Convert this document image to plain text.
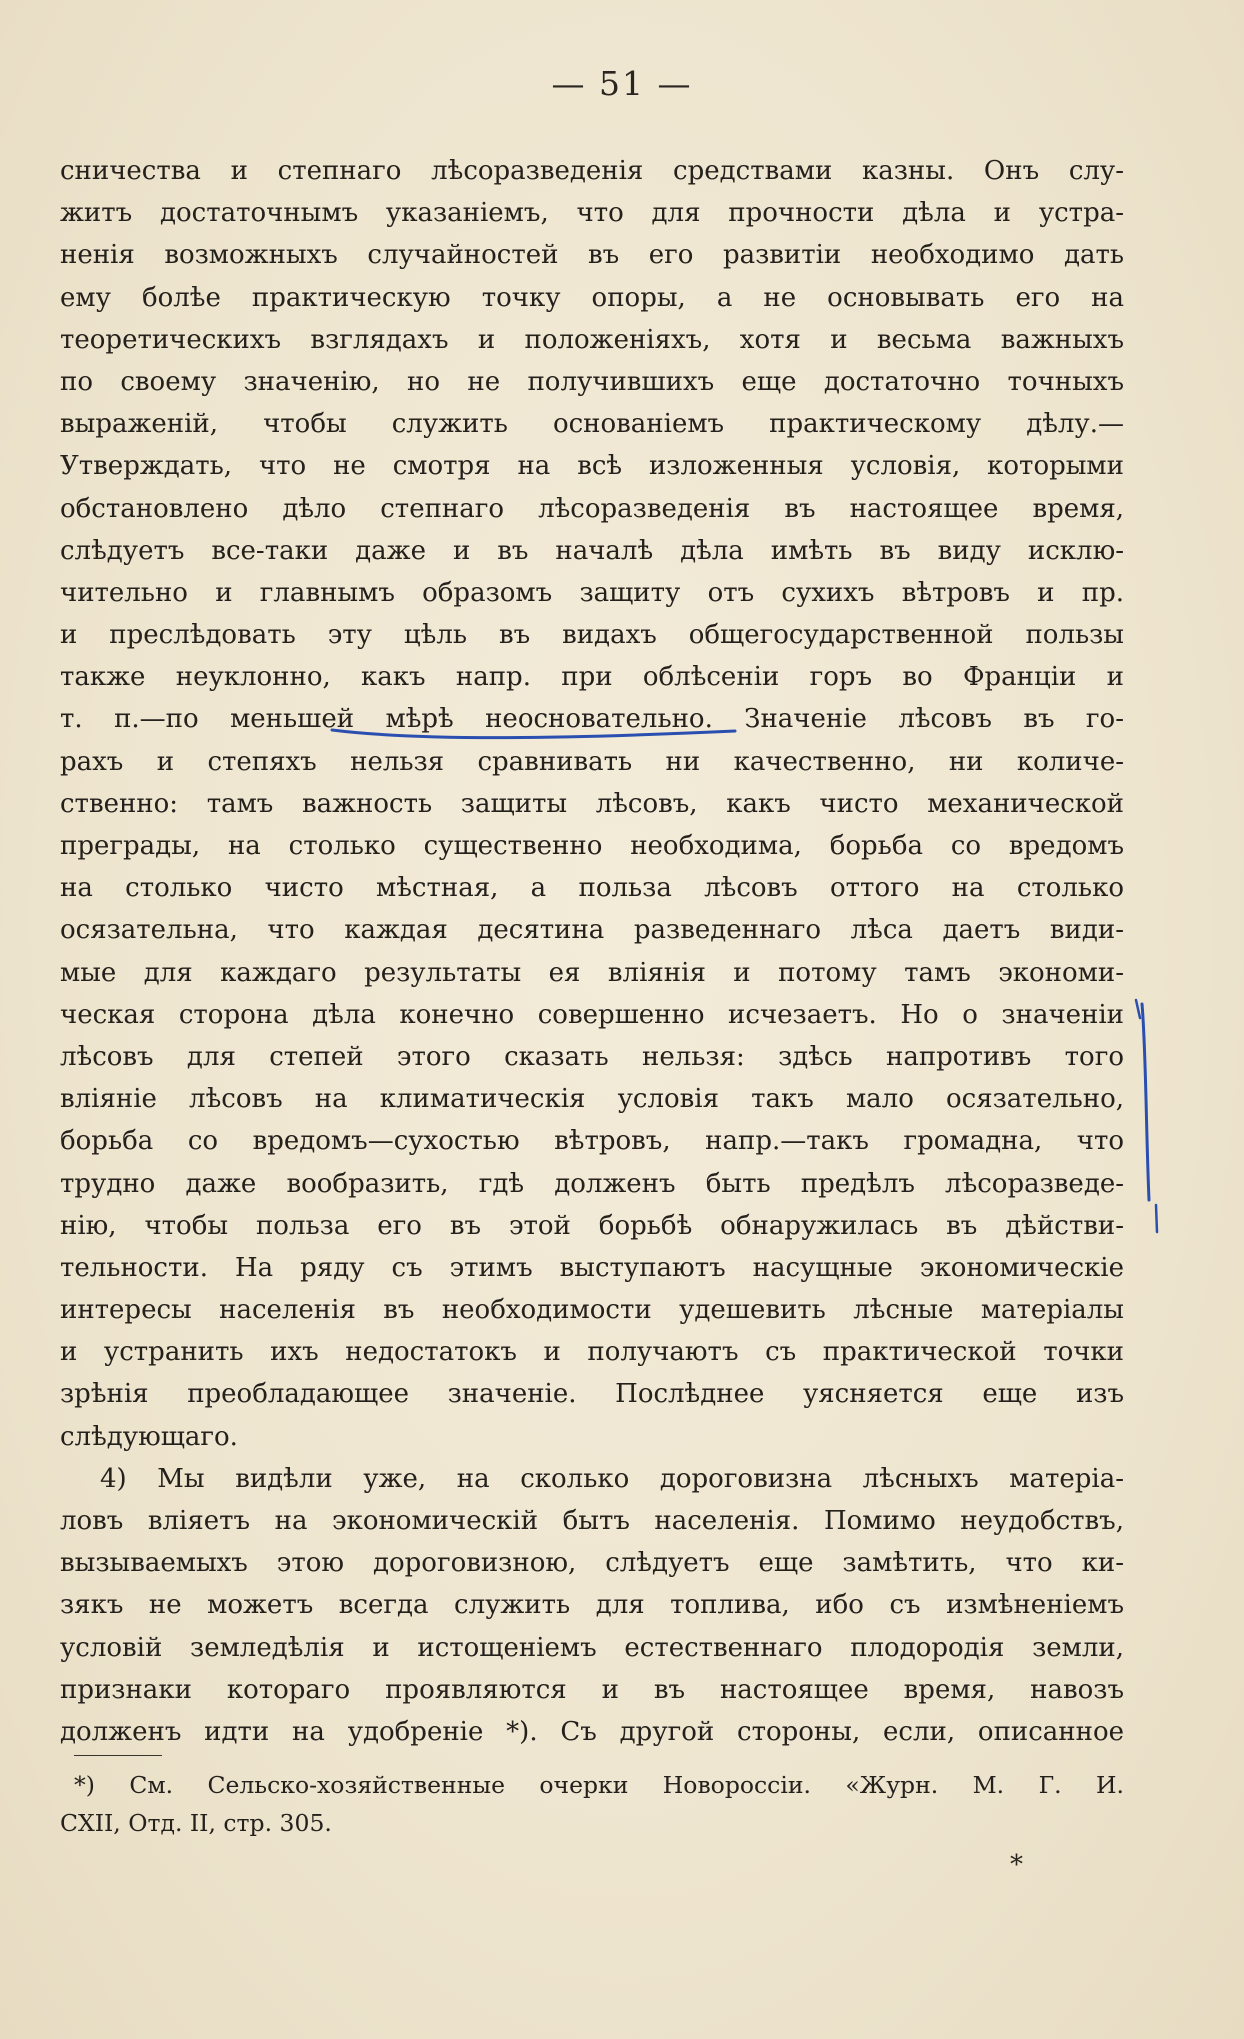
— 51 —
сничества и степнаго лѣсоразведенія средствами казны. Онъ слу-
житъ достаточнымъ указаніемъ, что для прочности дѣла и устра-
ненія возможныхъ случайностей въ его развитіи необходимо дать
ему болѣе практическую точку опоры, а не основывать его на
теоретическихъ взглядахъ и положеніяхъ, хотя и весьма важныхъ
по своему значенію, но не получившихъ еще достаточно точныхъ
выраженій, чтобы служить основаніемъ практическому дѣлу.—
Утверждать, что не смотря на всѣ изложенныя условія, которыми
обстановлено дѣло степнаго лѣсоразведенія въ настоящее время,
слѣдуетъ все-таки даже и въ началѣ дѣла имѣть въ виду исклю-
чительно и главнымъ образомъ защиту отъ сухихъ вѣтровъ и пр.
и преслѣдовать эту цѣль въ видахъ общегосударственной пользы
также неуклонно, какъ напр. при облѣсеніи горъ во Франціи и
т. п.—по меньшей мѣрѣ неосновательно. Значеніе лѣсовъ въ го-
рахъ и степяхъ нельзя сравнивать ни качественно, ни количе-
ственно: тамъ важность защиты лѣсовъ, какъ чисто механической
преграды, на столько существенно необходима, борьба со вредомъ
на столько чисто мѣстная, а польза лѣсовъ оттого на столько
осязательна, что каждая десятина разведеннаго лѣса даетъ види-
мые для каждаго результаты ея вліянія и потому тамъ экономи-
ческая сторона дѣла конечно совершенно исчезаетъ. Но о значеніи
лѣсовъ для степей этого сказать нельзя: здѣсь напротивъ того
вліяніе лѣсовъ на климатическія условія такъ мало осязательно,
борьба со вредомъ—сухостью вѣтровъ, напр.—такъ громадна, что
трудно даже вообразить, гдѣ долженъ быть предѣлъ лѣсоразведе-
нію, чтобы польза его въ этой борьбѣ обнаружилась въ дѣйстви-
тельности. На ряду съ этимъ выступаютъ насущные экономическіе
интересы населенія въ необходимости удешевить лѣсные матеріалы
и устранить ихъ недостатокъ и получаютъ съ практической точки
зрѣнія преобладающее значеніе. Послѣднее уясняется еще изъ
слѣдующаго.
4) Мы видѣли уже, на сколько дороговизна лѣсныхъ матеріа-
ловъ вліяетъ на экономическій бытъ населенія. Помимо неудобствъ,
вызываемыхъ этою дороговизною, слѣдуетъ еще замѣтить, что ки-
зякъ не можетъ всегда служить для топлива, ибо съ измѣненіемъ
условій земледѣлія и истощеніемъ естественнаго плодородія земли,
признаки котораго проявляются и въ настоящее время, навозъ
долженъ идти на удобреніе *). Съ другой стороны, если, описанное
*) См. Сельско-хозяйственные очерки Новороссіи. «Журн. М. Г. И.
CXII, Отд. II, стр. 305.
*
